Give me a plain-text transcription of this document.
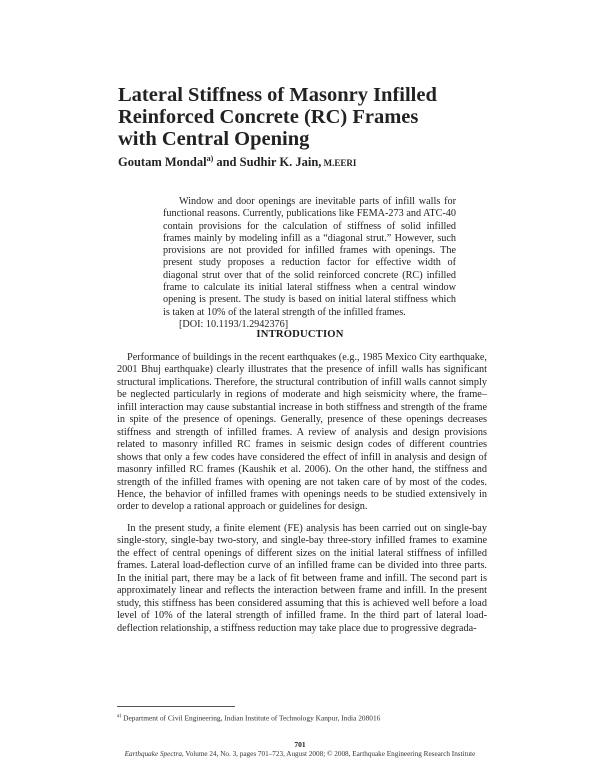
Lateral Stiffness of Masonry Infilled
Reinforced Concrete (RC) Frames
with Central Opening
Goutam Mondal$^{a)}$ and Sudhir K. Jain, M.EERI

Window and door openings are inevitable parts of infill walls for functional reasons. Currently, publications like FEMA-273 and ATC-40 contain provisions for the calculation of stiffness of solid infilled frames mainly by modeling infill as a “diagonal strut.” However, such provisions are not provided for infilled frames with openings. The present study proposes a reduction factor for effective width of diagonal strut over that of the solid reinforced concrete (RC) infilled frame to calculate its initial lateral stiffness when a central window opening is present. The study is based on initial lateral stiffness which is taken at 10% of the lateral strength of the infilled frames.
[DOI: 10.1193/1.2942376]

INTRODUCTION

Performance of buildings in the recent earthquakes (e.g., 1985 Mexico City earthquake, 2001 Bhuj earthquake) clearly illustrates that the presence of infill walls has significant structural implications. Therefore, the structural contribution of infill walls cannot simply be neglected particularly in regions of moderate and high seismicity where, the frame–infill interaction may cause substantial increase in both stiffness and strength of the frame in spite of the presence of openings. Generally, presence of these openings decreases stiffness and strength of infilled frames. A review of analysis and design provisions related to masonry infilled RC frames in seismic design codes of different countries shows that only a few codes have considered the effect of infill in analysis and design of masonry infilled RC frames (Kaushik et al. 2006). On the other hand, the stiffness and strength of the infilled frames with opening are not taken care of by most of the codes. Hence, the behavior of infilled frames with openings needs to be studied extensively in order to develop a rational approach or guidelines for design.

In the present study, a finite element (FE) analysis has been carried out on single-bay single-story, single-bay two-story, and single-bay three-story infilled frames to examine the effect of central openings of different sizes on the initial lateral stiffness of infilled frames. Lateral load-deflection curve of an infilled frame can be divided into three parts. In the initial part, there may be a lack of fit between frame and infill. The second part is approximately linear and reflects the interaction between frame and infill. In the present study, this stiffness has been considered assuming that this is achieved well before a load level of 10% of the lateral strength of infilled frame. In the third part of lateral load-deflection relationship, a stiffness reduction may take place due to progressive degrada-

$^{a)}$ Department of Civil Engineering, Indian Institute of Technology Kanpur, India 208016
701
Earthquake Spectra, Volume 24, No. 3, pages 701–723, August 2008; © 2008, Earthquake Engineering Research Institute
